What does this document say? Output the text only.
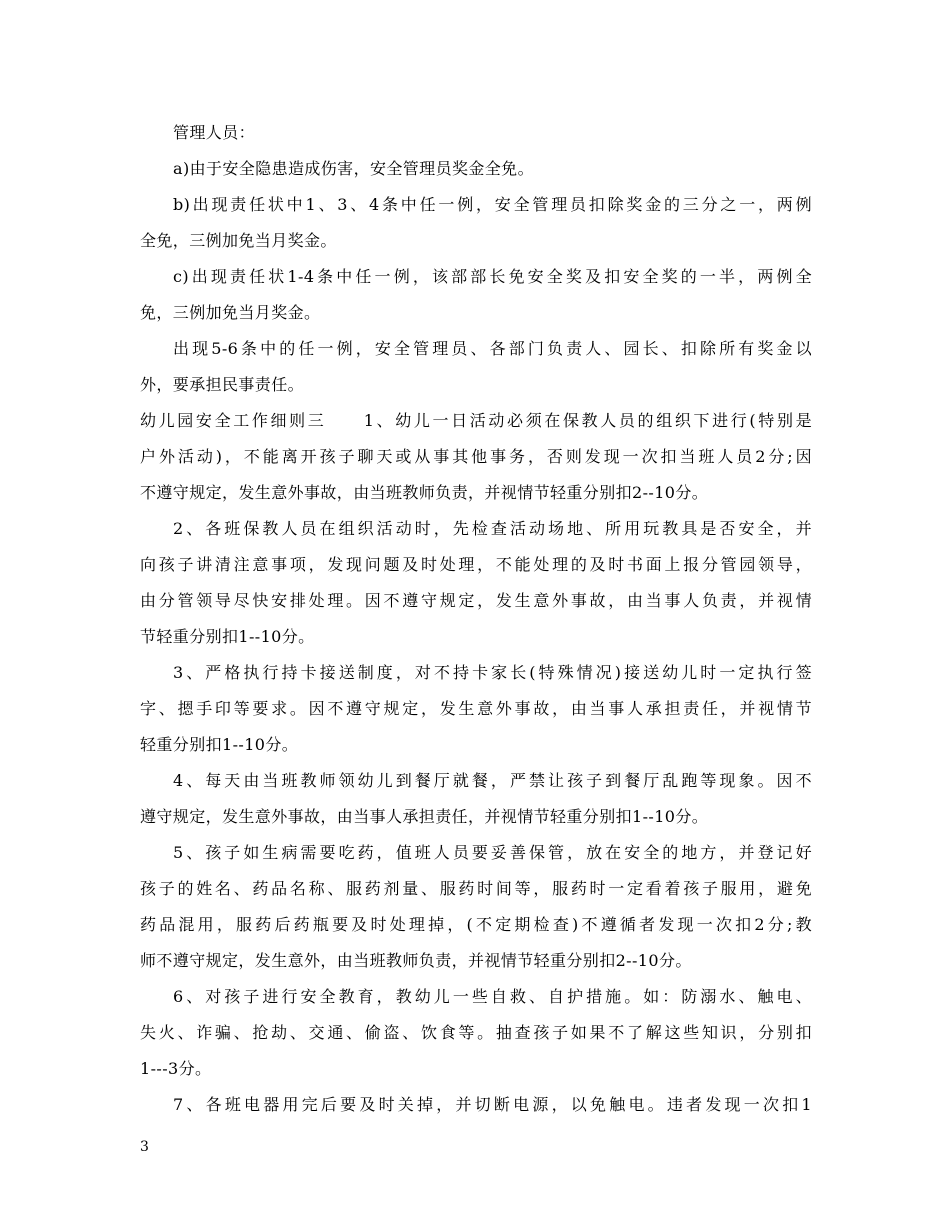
管理人员：
a)由于安全隐患造成伤害，安全管理员奖金全免。
b)出现责任状中1、3、4条中任一例，安全管理员扣除奖金的三分之一，两例
全免，三例加免当月奖金。
c)出现责任状1-4条中任一例，该部部长免安全奖及扣安全奖的一半，两例全
免，三例加免当月奖金。
出现5-6条中的任一例，安全管理员、各部门负责人、园长、扣除所有奖金以
外，要承担民事责任。
幼儿园安全工作细则三　　1、幼儿一日活动必须在保教人员的组织下进行(特别是
户外活动)，不能离开孩子聊天或从事其他事务，否则发现一次扣当班人员2分;因
不遵守规定，发生意外事故，由当班教师负责，并视情节轻重分别扣2--10分。
2、各班保教人员在组织活动时，先检查活动场地、所用玩教具是否安全，并
向孩子讲清注意事项，发现问题及时处理，不能处理的及时书面上报分管园领导，
由分管领导尽快安排处理。因不遵守规定，发生意外事故，由当事人负责，并视情
节轻重分别扣1--10分。
3、严格执行持卡接送制度，对不持卡家长(特殊情况)接送幼儿时一定执行签
字、摁手印等要求。因不遵守规定，发生意外事故，由当事人承担责任，并视情节
轻重分别扣1--10分。
4、每天由当班教师领幼儿到餐厅就餐，严禁让孩子到餐厅乱跑等现象。因不
遵守规定，发生意外事故，由当事人承担责任，并视情节轻重分别扣1--10分。
5、孩子如生病需要吃药，值班人员要妥善保管，放在安全的地方，并登记好
孩子的姓名、药品名称、服药剂量、服药时间等，服药时一定看着孩子服用，避免
药品混用，服药后药瓶要及时处理掉，(不定期检查)不遵循者发现一次扣2分;教
师不遵守规定，发生意外，由当班教师负责，并视情节轻重分别扣2--10分。
6、对孩子进行安全教育，教幼儿一些自救、自护措施。如：防溺水、触电、
失火、诈骗、抢劫、交通、偷盗、饮食等。抽查孩子如果不了解这些知识，分别扣
1---3分。
7、各班电器用完后要及时关掉，并切断电源，以免触电。违者发现一次扣1
3
